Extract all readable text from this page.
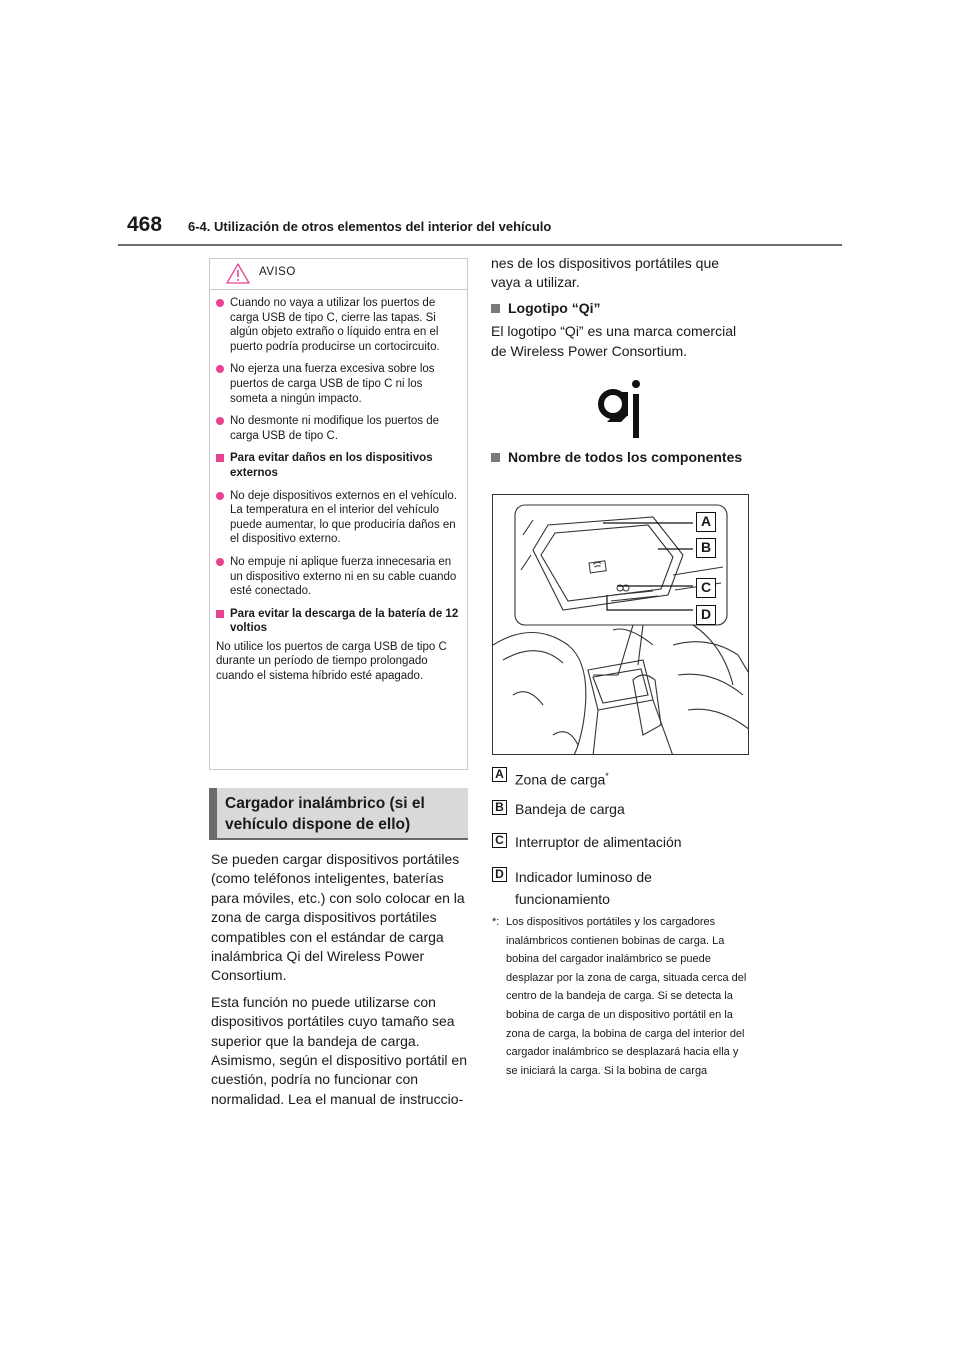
468 6-4. Utilización de otros elementos del interior del vehículo
AVISO
Cuando no vaya a utilizar los puertos de carga USB de tipo C, cierre las tapas. Si algún objeto extraño o líquido entra en el puerto podría producirse un cortocircuito.
No ejerza una fuerza excesiva sobre los puertos de carga USB de tipo C ni los someta a ningún impacto.
No desmonte ni modifique los puertos de carga USB de tipo C.
Para evitar daños en los dispositivos externos
No deje dispositivos externos en el vehículo. La temperatura en el interior del vehículo puede aumentar, lo que produciría daños en el dispositivo externo.
No empuje ni aplique fuerza innecesaria en un dispositivo externo ni en su cable cuando esté conectado.
Para evitar la descarga de la batería de 12 voltios
No utilice los puertos de carga USB de tipo C durante un período de tiempo prolongado cuando el sistema híbrido esté apagado.
Cargador inalámbrico (si el vehículo dispone de ello)

Se pueden cargar dispositivos portátiles (como teléfonos inteligentes, baterías para móviles, etc.) con solo colocar en la zona de carga dispositivos portátiles compatibles con el estándar de carga inalámbrica Qi del Wireless Power Consortium.

Esta función no puede utilizarse con dispositivos portátiles cuyo tamaño sea superior que la bandeja de carga. Asimismo, según el dispositivo portátil en cuestión, podría no funcionar con normalidad. Lea el manual de instruccio-

nes de los dispositivos portátiles que vaya a utilizar.

Logotipo “Qi”

El logotipo “Qi” es una marca comercial de Wireless Power Consortium.

Nombre de todos los componentes
A
B
C
D
A Zona de carga*
B Bandeja de carga
C Interruptor de alimentación
D Indicador luminoso de funcionamiento
*: Los dispositivos portátiles y los cargadores inalámbricos contienen bobinas de carga. La bobina del cargador inalámbrico se puede desplazar por la zona de carga, situada cerca del centro de la bandeja de carga. Si se detecta la bobina de carga de un dispositivo portátil en la zona de carga, la bobina de carga del interior del cargador inalámbrico se desplazará hacia ella y se iniciará la carga. Si la bobina de carga
